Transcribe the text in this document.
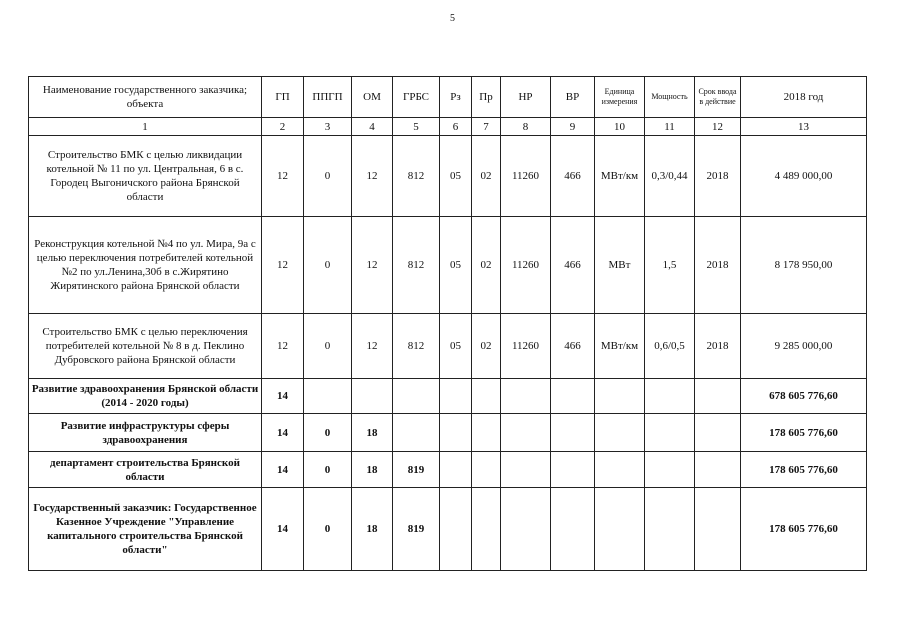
5
Наименование государственного заказчика; объекта	ГП	ППГП	ОМ	ГРБС	Рз	Пр	НР	ВР	Единица измерения	Мощность	Срок ввода в действие	2018 год
1	2	3	4	5	6	7	8	9	10	11	12	13
Строительство БМК с целью ликвидации котельной № 11 по ул. Центральная, 6 в с. Городец Выгоничского района Брянской области	12	0	12	812	05	02	11260	466	МВт/км	0,3/0,44	2018	4 489 000,00
Реконструкция котельной №4 по ул. Мира, 9а с целью переключения потребителей котельной №2 по ул.Ленина,30б в с.Жирятино Жирятинского района Брянской области	12	0	12	812	05	02	11260	466	МВт	1,5	2018	8 178 950,00
Строительство БМК с целью переключения потребителей котельной № 8 в д. Пеклино Дубровского района Брянской области	12	0	12	812	05	02	11260	466	МВт/км	0,6/0,5	2018	9 285 000,00
Развитие здравоохранения Брянской области (2014 - 2020 годы)	14											678 605 776,60
Развитие инфраструктуры сферы здравоохранения	14	0	18									178 605 776,60
департамент строительства Брянской области	14	0	18	819								178 605 776,60
Государственный заказчик: Государственное Казенное Учреждение "Управление капитального строительства Брянской области"	14	0	18	819								178 605 776,60
